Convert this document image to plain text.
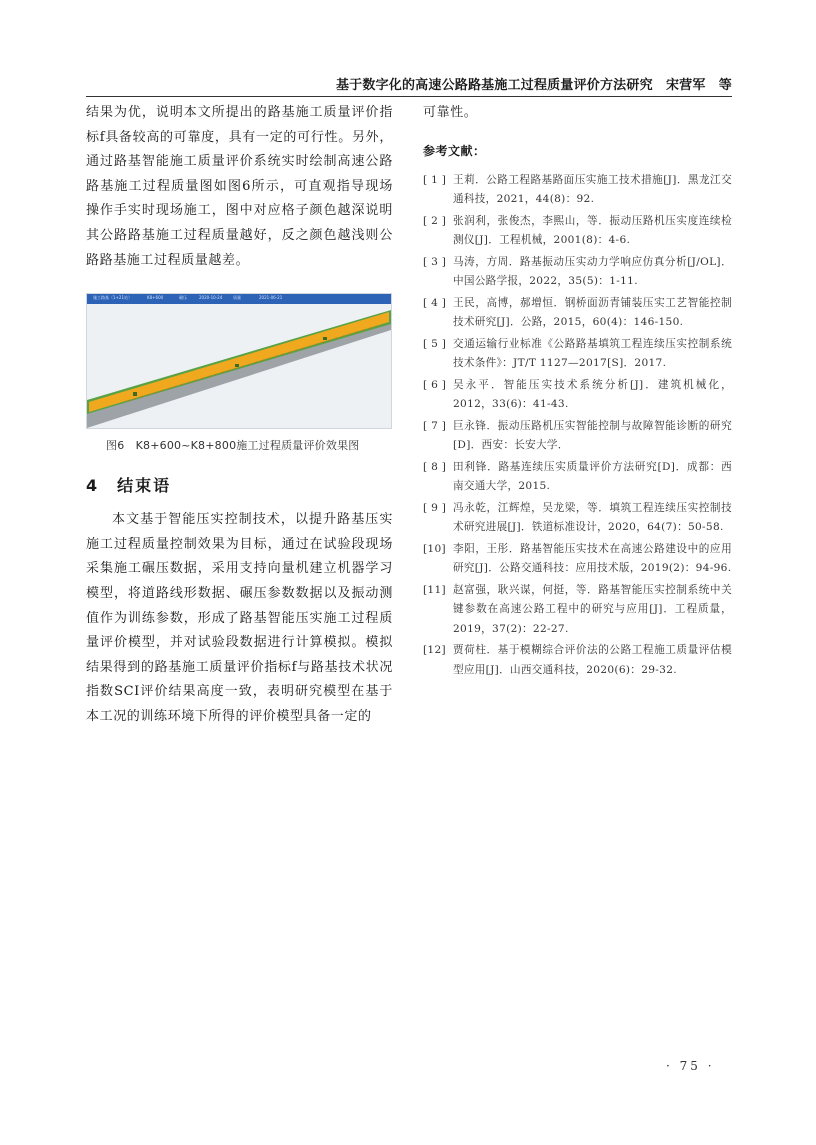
基于数字化的高速公路路基施工过程质量评价方法研究　宋营军　等

结果为优，说明本文所提出的路基施工质量评价指标f具备较高的可靠度，具有一定的可行性。另外，通过路基智能施工质量评价系统实时绘制高速公路路基施工过程质量图如图6所示，可直观指导现场操作手实时现场施工，图中对应格子颜色越深说明其公路路基施工过程质量越好，反之颜色越浅则公路路基施工过程质量越差。

施工路基（1+21站）	K8+600	碾压	2020-10-24	质量	2021-06-21
图6　K8+600~K8+800施工过程质量评价效果图
4 结束语

本文基于智能压实控制技术，以提升路基压实施工过程质量控制效果为目标，通过在试验段现场采集施工碾压数据，采用支持向量机建立机器学习模型，将道路线形数据、碾压参数数据以及振动测值作为训练参数，形成了路基智能压实施工过程质量评价模型，并对试验段数据进行计算模拟。模拟结果得到的路基施工质量评价指标f与路基技术状况指数SCI评价结果高度一致，表明研究模型在基于本工况的训练环境下所得的评价模型具备一定的

可靠性。

参考文献：
[ 1 ] 王莉．公路工程路基路面压实施工技术措施[J]．黑龙江交通科技，2021，44(8)：92.
[ 2 ] 张润利，张俊杰，李熙山，等．振动压路机压实度连续检测仪[J]．工程机械，2001(8)：4-6.
[ 3 ] 马涛，方周．路基振动压实动力学响应仿真分析[J/OL]．中国公路学报，2022，35(5)：1-11.
[ 4 ] 王民，高博，郝增恒．钢桥面沥青铺装压实工艺智能控制技术研究[J]．公路，2015，60(4)：146-150.
[ 5 ] 交通运输行业标准《公路路基填筑工程连续压实控制系统技术条件》：JT/T 1127—2017[S]．2017.
[ 6 ] 吴永平．智能压实技术系统分析[J]．建筑机械化，2012，33(6)：41-43.
[ 7 ] 巨永锋．振动压路机压实智能控制与故障智能诊断的研究[D]．西安：长安大学．
[ 8 ] 田利锋．路基连续压实质量评价方法研究[D]．成都：西南交通大学，2015.
[ 9 ] 冯永乾，江辉煌，吴龙梁，等．填筑工程连续压实控制技术研究进展[J]．铁道标准设计，2020，64(7)：50-58.
[10] 李阳，王彤．路基智能压实技术在高速公路建设中的应用研究[J]．公路交通科技：应用技术版，2019(2)：94-96.
[11] 赵富强，耿兴谋，何挺，等．路基智能压实控制系统中关键参数在高速公路工程中的研究与应用[J]．工程质量，2019，37(2)：22-27.
[12] 贾荷柱．基于模糊综合评价法的公路工程施工质量评估模型应用[J]．山西交通科技，2020(6)：29-32.
· 75 ·
